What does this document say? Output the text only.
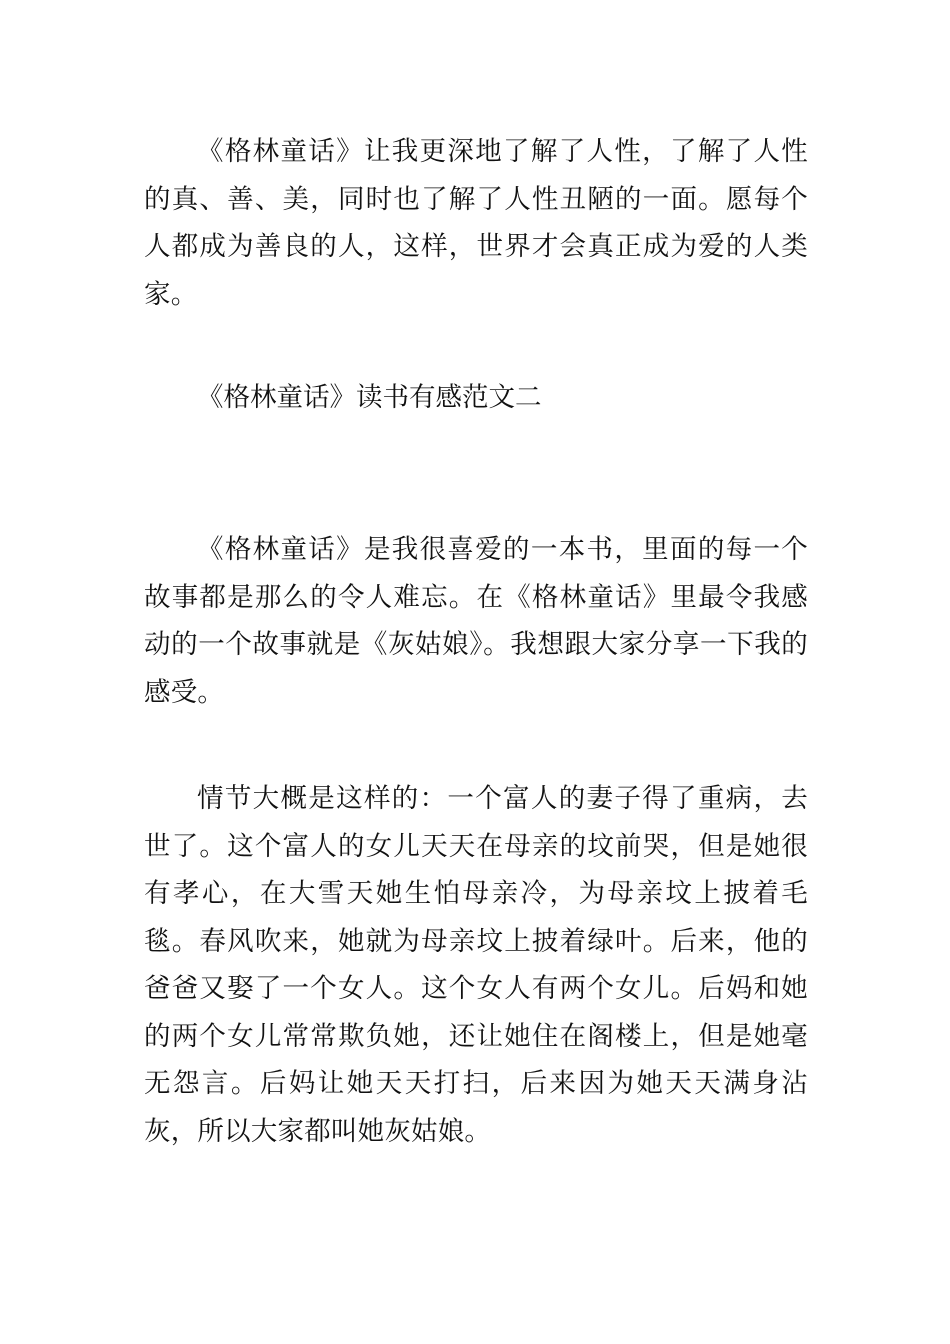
《格林童话》让我更深地了解了人性，了解了人性的真、善、美，同时也了解了人性丑陋的一面。愿每个人都成为善良的人，这样，世界才会真正成为爱的人类家。

《格林童话》读书有感范文二

《格林童话》是我很喜爱的一本书，里面的每一个故事都是那么的令人难忘。在《格林童话》里最令我感动的一个故事就是《灰姑娘》。我想跟大家分享一下我的感受。

情节大概是这样的：一个富人的妻子得了重病，去世了。这个富人的女儿天天在母亲的坟前哭，但是她很有孝心，在大雪天她生怕母亲冷，为母亲坟上披着毛毯。春风吹来，她就为母亲坟上披着绿叶。后来，他的爸爸又娶了一个女人。这个女人有两个女儿。后妈和她的两个女儿常常欺负她，还让她住在阁楼上，但是她毫无怨言。后妈让她天天打扫，后来因为她天天满身沾灰，所以大家都叫她灰姑娘。
